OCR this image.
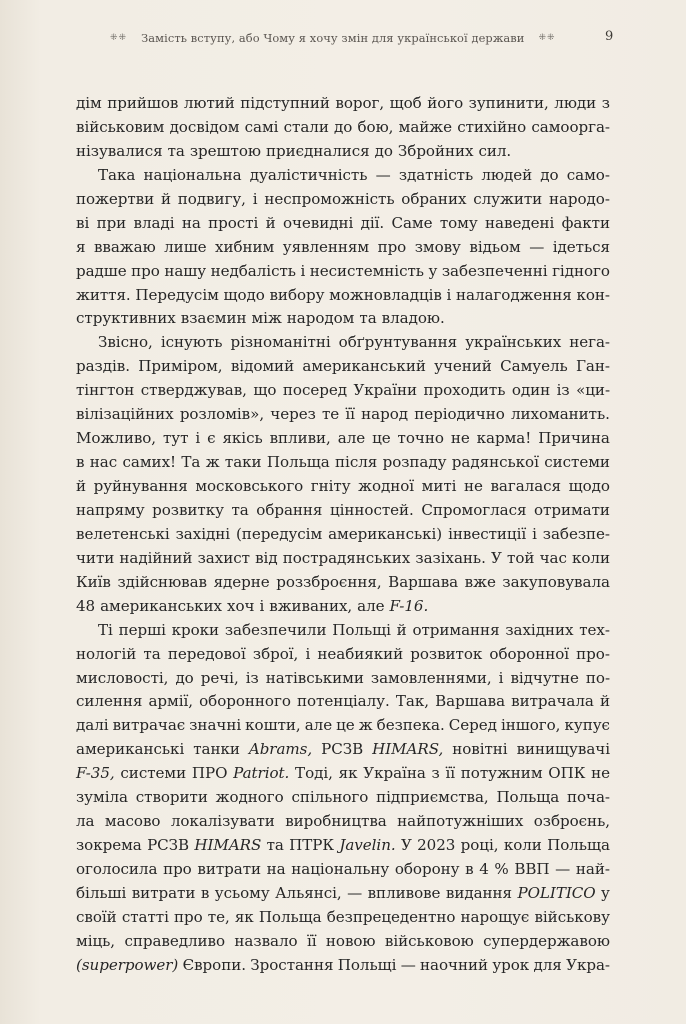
⁜⁜ Замість вступу, або Чому я хочу змін для української держави ⁜⁜	9
дім прийшов лютий підступний ворог, щоб його зупинити, люди з
військовим досвідом самі стали до бою, майже стихійно самоорга-
нізувалися та зрештою приєдналися до Збройних сил.
Така національна дуалістичність — здатність людей до само-
пожертви й подвигу, і неспроможність обраних служити народо-
ві при владі на прості й очевидні дії. Саме тому наведені факти
я вважаю лише хибним уявленням про змову відьом — ідеться
радше про нашу недбалість і несистемність у забезпеченні гідного
життя. Передусім щодо вибору можновладців і налагодження кон-
структивних взаємин між народом та владою.
Звісно, існують різноманітні обґрунтування українських нега-
раздів. Приміром, відомий американський учений Самуель Ган-
тінгтон стверджував, що посеред України проходить один із «ци-
вілізаційних розломів», через те її народ періодично лихоманить.
Можливо, тут і є якісь впливи, але це точно не карма! Причина
в нас самих! Та ж таки Польща після розпаду радянської системи
й руйнування московського гніту жодної миті не вагалася щодо
напряму розвитку та обрання цінностей. Спромоглася отримати
велетенські західні (передусім американські) інвестиції і забезпе-
чити надійний захист від пострадянських зазіхань. У той час коли
Київ здійснював ядерне роззброєння, Варшава вже закуповувала
48 американських хоч і вживаних, але F-16.
Ті перші кроки забезпечили Польщі й отримання західних тех-
нологій та передової зброї, і неабиякий розвиток оборонної про-
мисловості, до речі, із натівськими замовленнями, і відчутне по-
силення армії, оборонного потенціалу. Так, Варшава витрачала й
далі витрачає значні кошти, але це ж безпека. Серед іншого, купує
американські танки Abrams, РСЗВ HIMARS, новітні винищувачі
F-35, системи ПРО Patriot. Тоді, як Україна з її потужним ОПК не
зуміла створити жодного спільного підприємства, Польща поча-
ла масово локалізувати виробництва найпотужніших озброєнь,
зокрема РСЗВ HIMARS та ПТРК Javelin. У 2023 році, коли Польща
оголосила про витрати на національну оборону в 4 % ВВП — най-
більші витрати в усьому Альянсі, — впливове видання POLITICO у
своїй статті про те, як Польща безпрецедентно нарощує військову
міць, справедливо назвало її новою військовою супердержавою
(superpower) Європи. Зростання Польщі — наочний урок для Укра-
